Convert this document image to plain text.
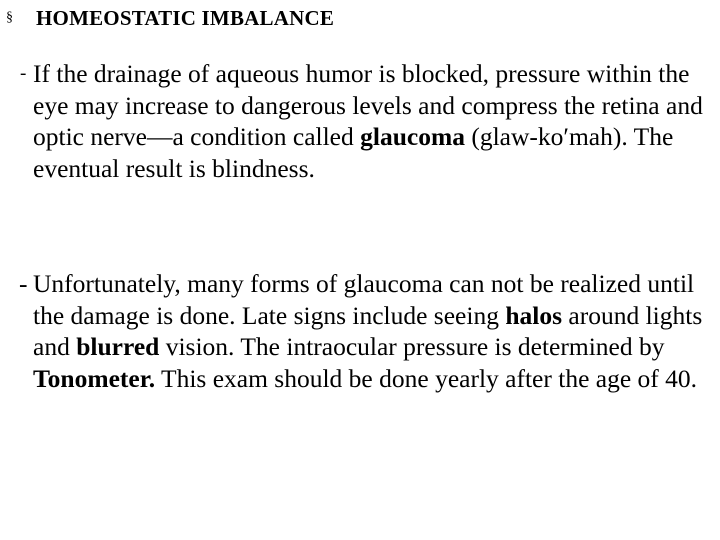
§	HOMEOSTATIC IMBALANCE
- If the drainage of aqueous humor is blocked, pressure within the eye may increase to dangerous levels and compress the retina and optic nerve—a condition called glaucoma (glaw-ko′mah). The eventual result is blindness.
- Unfortunately, many forms of glaucoma can not be realized until the damage is done. Late signs include seeing halos around lights and blurred vision. The intraocular pressure is determined by Tonometer. This exam should be done yearly after the age of 40.
